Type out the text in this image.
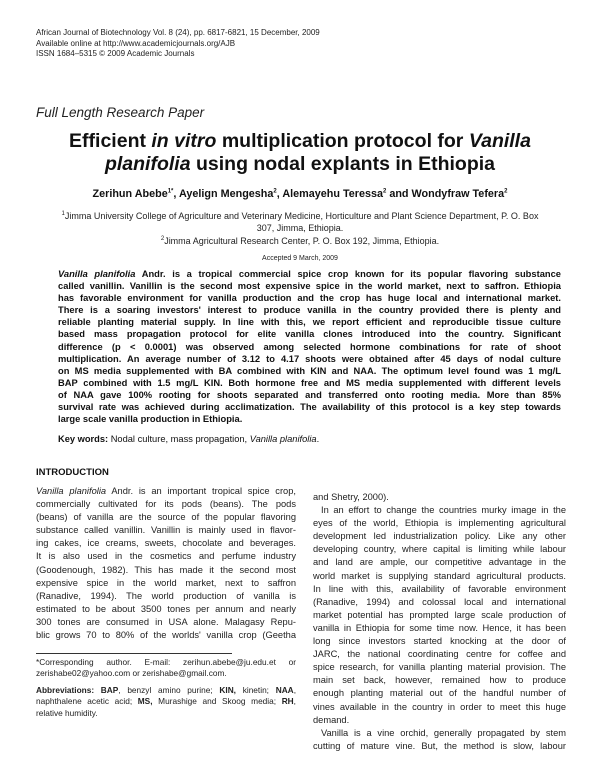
African Journal of Biotechnology Vol. 8 (24), pp. 6817-6821, 15 December, 2009
Available online at http://www.academicjournals.org/AJB
ISSN 1684–5315 © 2009 Academic Journals
Full Length Research Paper
Efficient in vitro multiplication protocol for Vanilla
planifolia using nodal explants in Ethiopia
Zerihun Abebe$^{1*}$, Ayelign Mengesha$^2$, Alemayehu Teressa$^2$ and Wondyfraw Tefera$^2$
$^1$Jimma University College of Agriculture and Veterinary Medicine, Horticulture and Plant Science Department, P. O. Box
307, Jimma, Ethiopia.
$^2$Jimma Agricultural Research Center, P. O. Box 192, Jimma, Ethiopia.
Accepted 9 March, 2009
Vanilla planifolia Andr. is a tropical commercial spice crop known for its popular flavoring substance
called vanillin. Vanillin is the second most expensive spice in the world market, next to saffron. Ethiopia
has favorable environment for vanilla production and the crop has huge local and international market.
There is a soaring investors' interest to produce vanilla in the country provided there is plenty and
reliable planting material supply. In line with this, we report efficient and reproducible tissue culture
based mass propagation protocol for elite vanilla clones introduced into the country. Significant
difference (p < 0.0001) was observed among selected hormone combinations for rate of shoot
multiplication. An average number of 3.12 to 4.17 shoots were obtained after 45 days of nodal culture
on MS media supplemented with BA combined with KIN and NAA. The optimum level found was 1 mg/L
BAP combined with 1.5 mg/L KIN. Both hormone free and MS media supplemented with different levels
of NAA gave 100% rooting for shoots separated and transferred onto rooting media. More than 85%
survival rate was achieved during acclimatization. The availability of this protocol is a key step towards
large scale vanilla production in Ethiopia.
Key words: Nodal culture, mass propagation, Vanilla planifolia.
INTRODUCTION
Vanilla planifolia Andr. is an important tropical spice crop,
commercially cultivated for its pods (beans). The pods
(beans) of vanilla are the source of the popular flavoring
substance called vanillin. Vanillin is mainly used in flavor-
ing cakes, ice creams, sweets, chocolate and beverages.
It is also used in the cosmetics and perfume industry
(Goodenough, 1982). This has made it the second most
expensive spice in the world market, next to saffron
(Ranadive, 1994). The world production of vanilla is
estimated to be about 3500 tones per annum and nearly
300 tones are consumed in USA alone. Malagasy Repu-
blic grows 70 to 80% of the worlds' vanilla crop (Geetha
and Shetry, 2000).
In an effort to change the countries murky image in the
eyes of the world, Ethiopia is implementing agricultural
development led industrialization policy. Like any other
developing country, where capital is limiting while labour
and land are ample, our competitive advantage in the
world market is supplying standard agricultural products.
In line with this, availability of favorable environment
(Ranadive, 1994) and colossal local and international
market potential has prompted large scale production of
vanilla in Ethiopia for some time now. Hence, it has been
long since investors started knocking at the door of
JARC, the national coordinating centre for coffee and
spice research, for vanilla planting material provision. The
main set back, however, remained how to produce
enough planting material out of the handful number of
vines available in the country in order to meet this huge
demand.
Vanilla is a vine orchid, generally propagated by stem
cutting of mature vine. But, the method is slow, labour
*Corresponding author. E-mail: zerihun.abebe@ju.edu.et or
zerishabe02@yahoo.com or zerishabe@gmail.com.
Abbreviations: BAP, benzyl amino purine; KIN, kinetin; NAA,
naphthalene acetic acid; MS, Murashige and Skoog media; RH,
relative humidity.
